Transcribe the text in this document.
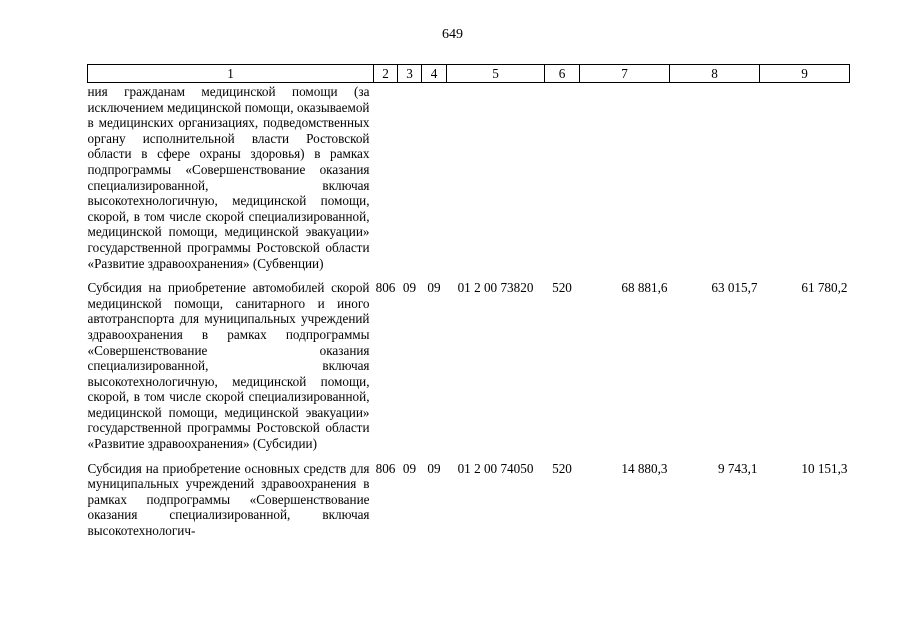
649
1	2	3	4	5	6	7	8	9
ния гражданам медицинской помощи (за исключением медицинской помощи, оказываемой в медицинских организациях, подведомственных органу исполнительной власти Ростовской области в сфере охраны здоровья) в рамках подпрограммы «Совершенствование оказания специализированной, включая высокотехнологичную, медицинской помощи, скорой, в том числе скорой специализированной, медицинской помощи, медицинской эвакуации» государственной программы Ростовской области «Развитие здравоохранения» (Субвенции)								

Субсидия на приобретение автомобилей скорой медицинской помощи, санитарного и иного автотранспорта для муниципальных учреждений здравоохранения в рамках подпрограммы «Совершенствование оказания специализированной, включая высокотехнологичную, медицинской помощи, скорой, в том числе скорой специализированной, медицинской помощи, медицинской эвакуации» государственной программы Ростовской области «Развитие здравоохранения» (Субсидии)	806	09	09	01 2 00 73820	520	68 881,6	63 015,7	61 780,2

Субсидия на приобретение основных средств для муниципальных учреждений здравоохранения в рамках подпрограммы «Совершенствование оказания специализированной, включая высокотехнологич-	806	09	09	01 2 00 74050	520	14 880,3	9 743,1	10 151,3
